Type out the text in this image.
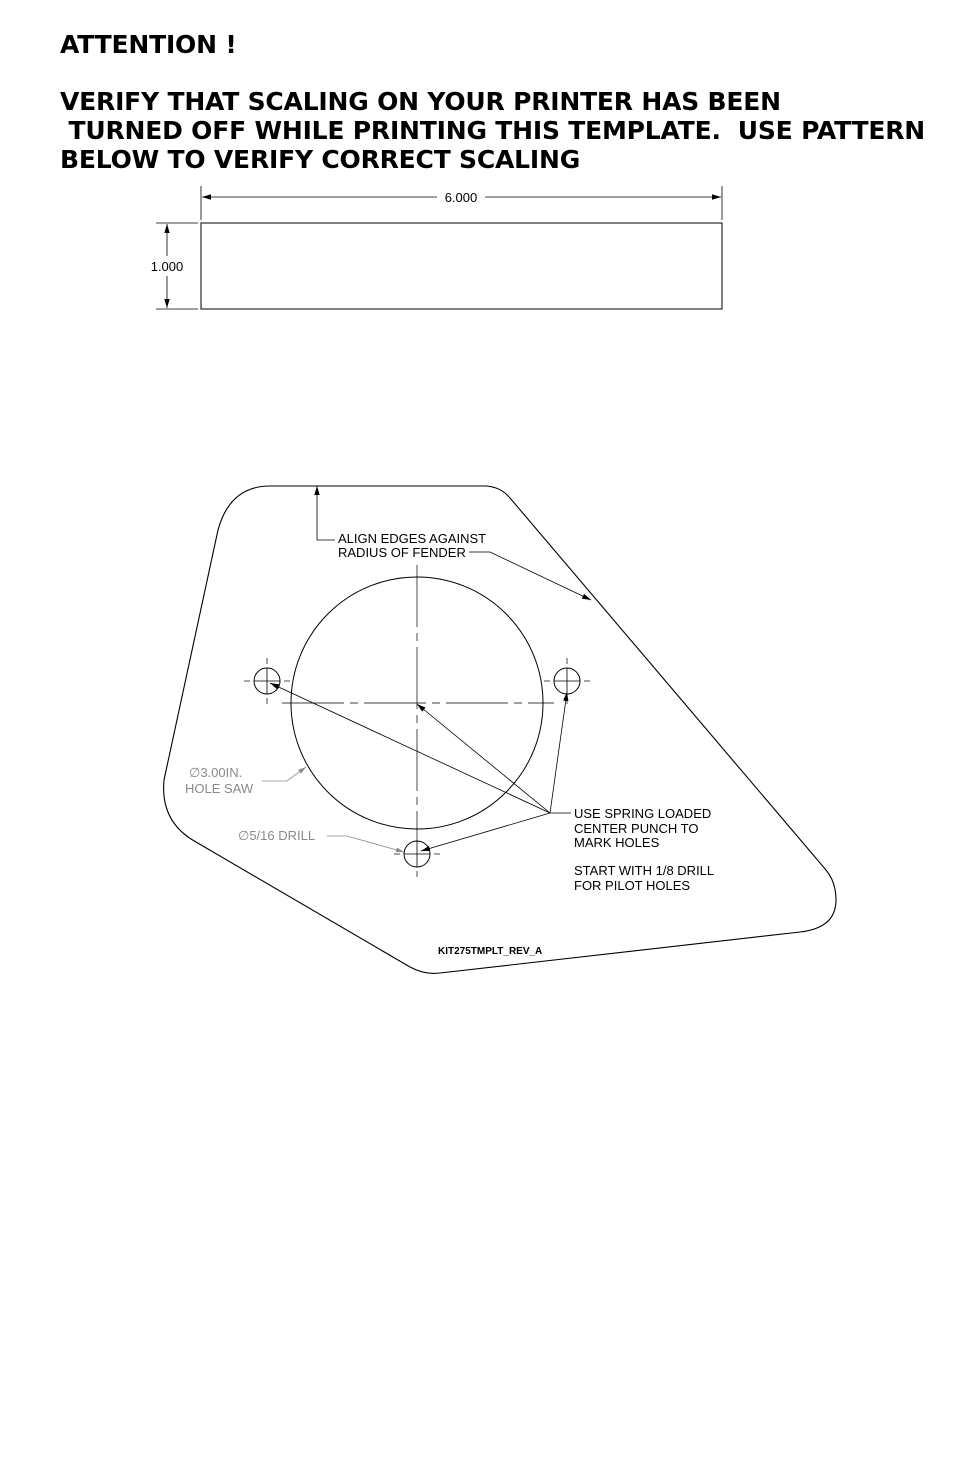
ATTENTION !
VERIFY THAT SCALING ON YOUR PRINTER HAS BEEN
TURNED OFF WHILE PRINTING THIS TEMPLATE.  USE PATTERN
BELOW TO VERIFY CORRECT SCALING
6.000
1.000
ALIGN EDGES AGAINST
RADIUS OF FENDER
∅3.00IN.
HOLE SAW
∅5/16 DRILL
USE SPRING LOADED
CENTER PUNCH TO
MARK HOLES
START WITH 1/8 DRILL
FOR PILOT HOLES
KIT275TMPLT_REV_A
